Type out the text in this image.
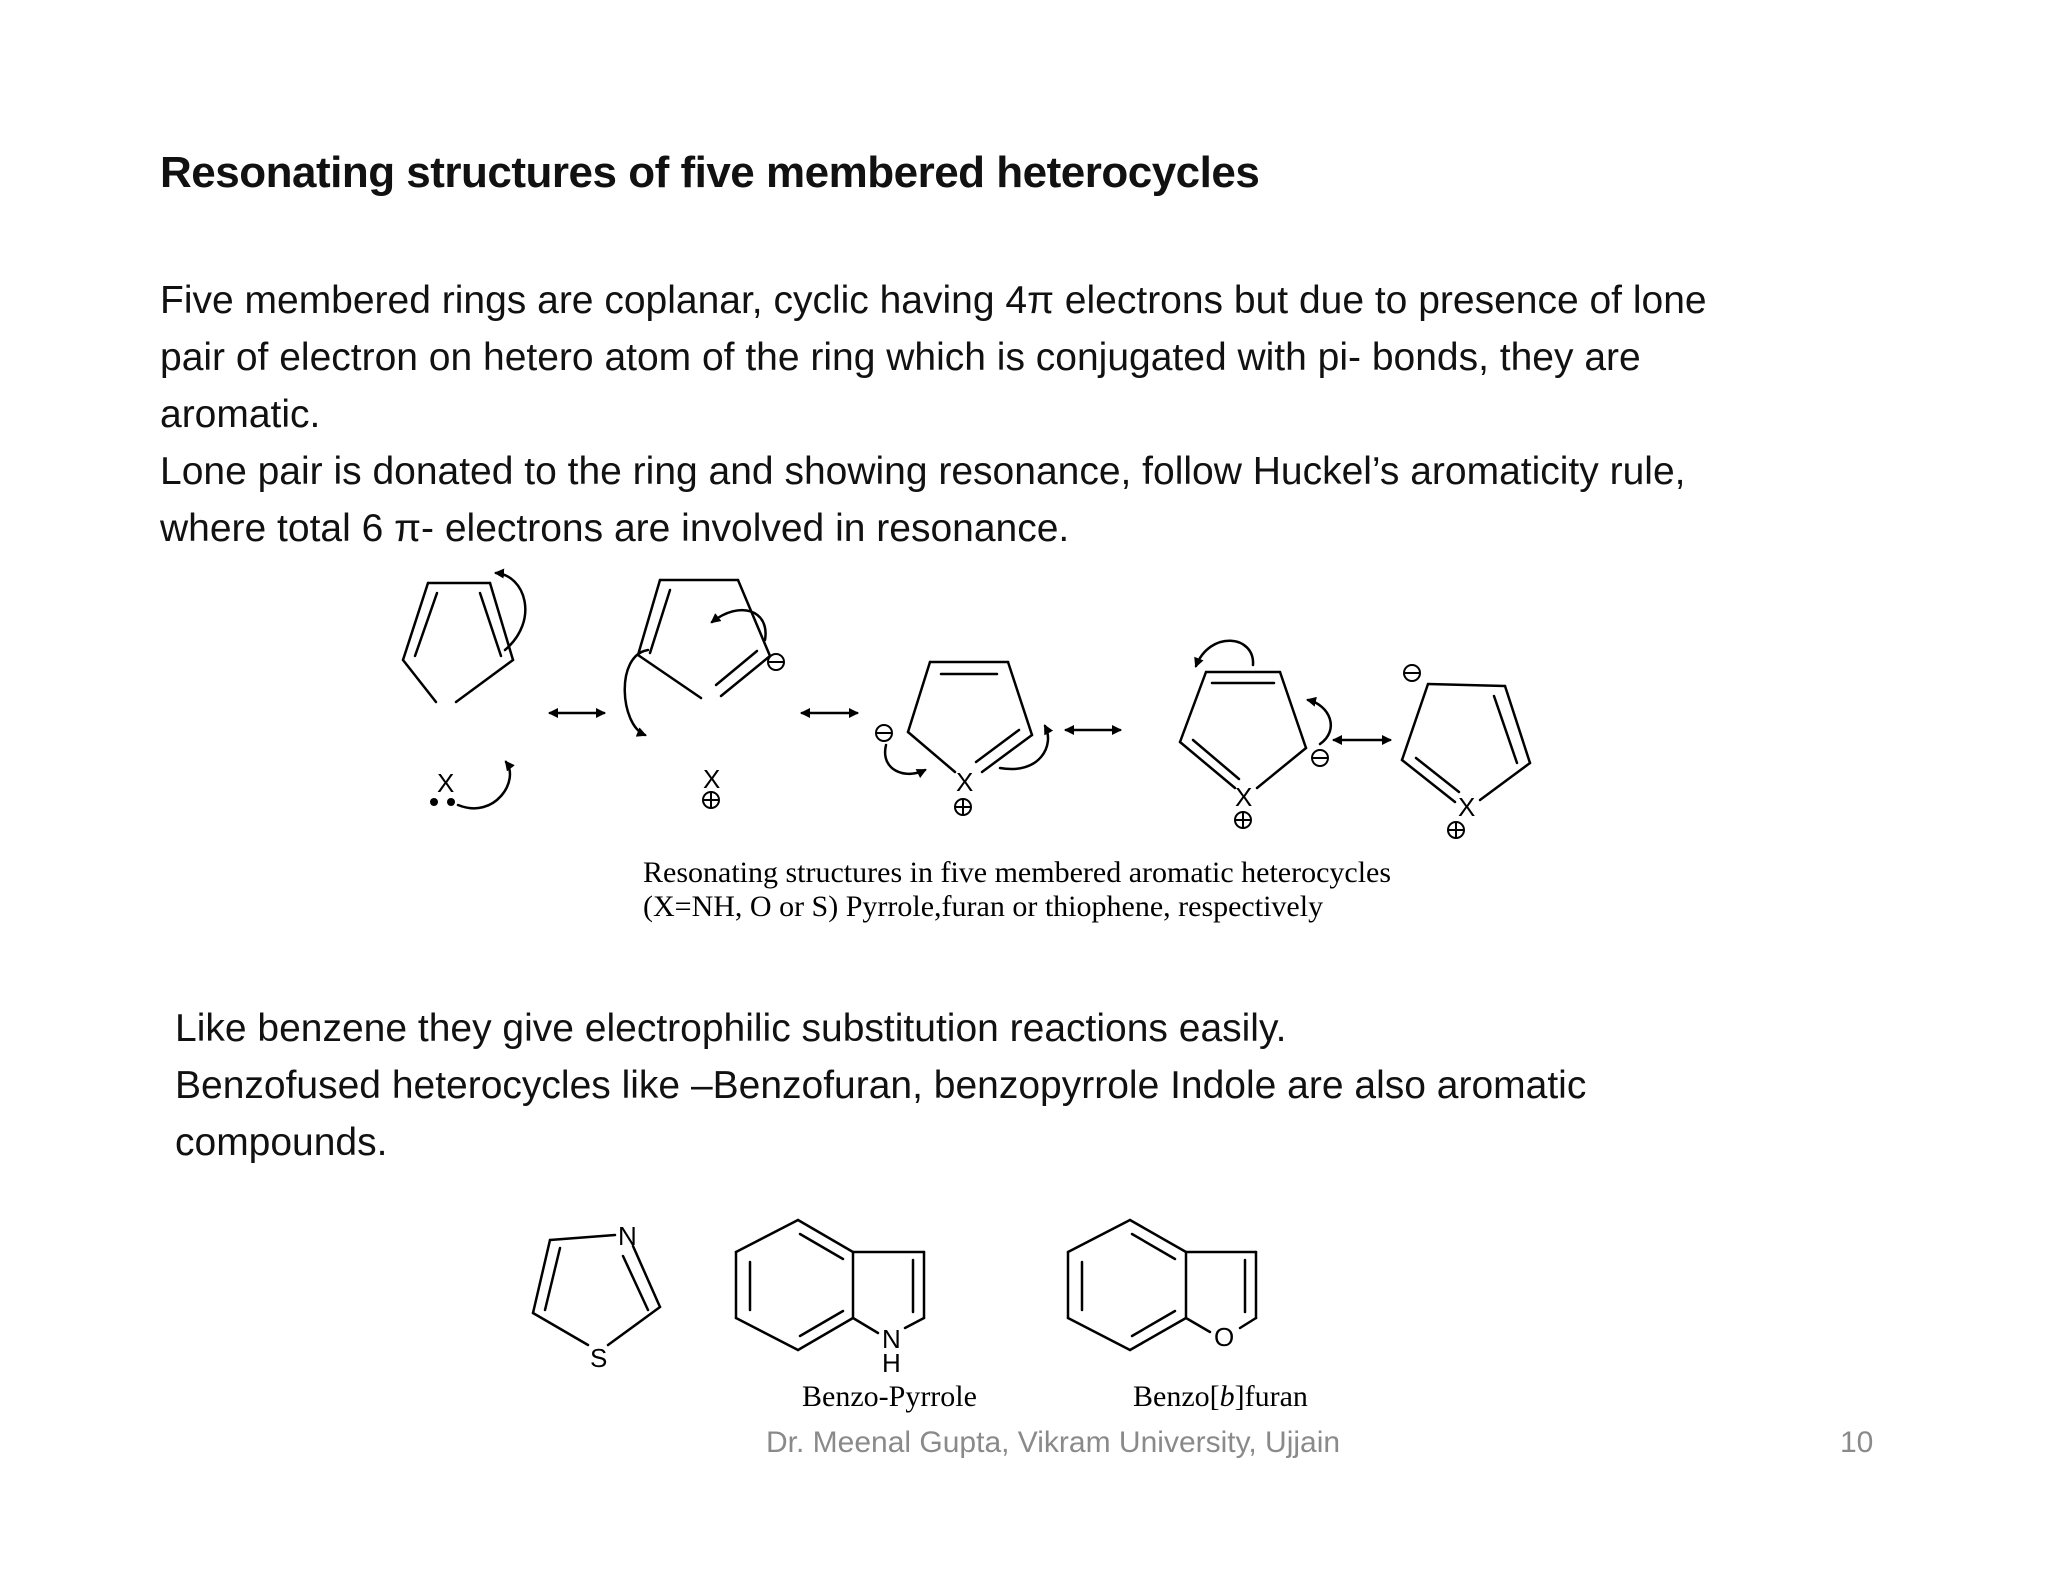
Resonating structures of five membered heterocycles

Five membered rings are coplanar, cyclic having 4π electrons but due to presence of lone

pair of electron on hetero atom of the ring which is conjugated with pi- bonds, they are

aromatic.

Lone pair is donated to the ring and showing resonance, follow Huckel’s aromaticity rule,

where total 6 π- electrons are involved in resonance.

X	X	X	X	X

Resonating structures in five membered aromatic heterocycles

(X=NH, O or S) Pyrrole,furan or thiophene, respectively

Like benzene they give electrophilic substitution reactions easily.

Benzofused heterocycles like –Benzofuran, benzopyrrole Indole are also aromatic

compounds.

N
S
N
H
O

Benzo-Pyrrole	Benzo[b]furan

Dr. Meenal Gupta, Vikram University, Ujjain	10
